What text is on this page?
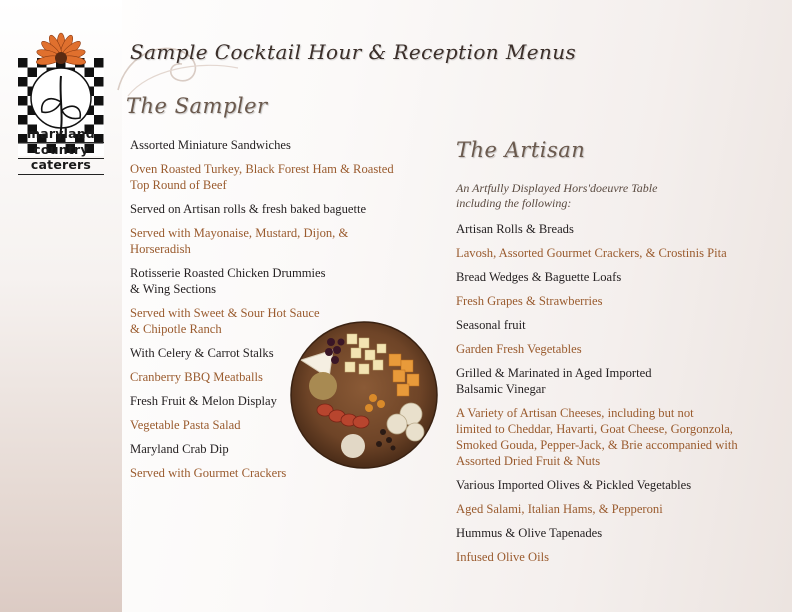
maryland
country
caterers
Sample Cocktail Hour & Reception Menus
The Sampler
The Artisan
Assorted Miniature Sandwiches
Oven Roasted Turkey, Black Forest Ham & Roasted
Top Round of Beef
Served on Artisan rolls & fresh baked baguette
Served with Mayonaise, Mustard, Dijon, &
Horseradish
Rotisserie Roasted Chicken Drummies
& Wing Sections
Served with Sweet & Sour Hot Sauce
& Chipotle Ranch
With Celery & Carrot Stalks
Cranberry BBQ Meatballs
Fresh Fruit & Melon Display
Vegetable Pasta Salad
Maryland Crab Dip
Served with Gourmet Crackers
An Artfully Displayed Hors'doeuvre Table
including the following:
Artisan Rolls & Breads
Lavosh, Assorted Gourmet Crackers, & Crostinis Pita
Bread Wedges & Baguette Loafs
Fresh Grapes & Strawberries
Seasonal fruit
Garden Fresh Vegetables
Grilled & Marinated in Aged Imported
Balsamic Vinegar
A Variety of Artisan Cheeses, including but not
limited to Cheddar, Havarti, Goat Cheese, Gorgonzola,
Smoked Gouda, Pepper-Jack, & Brie accompanied with
Assorted Dried Fruit & Nuts
Various Imported Olives & Pickled Vegetables
Aged Salami, Italian Hams, & Pepperoni
Hummus & Olive Tapenades
Infused Olive Oils
